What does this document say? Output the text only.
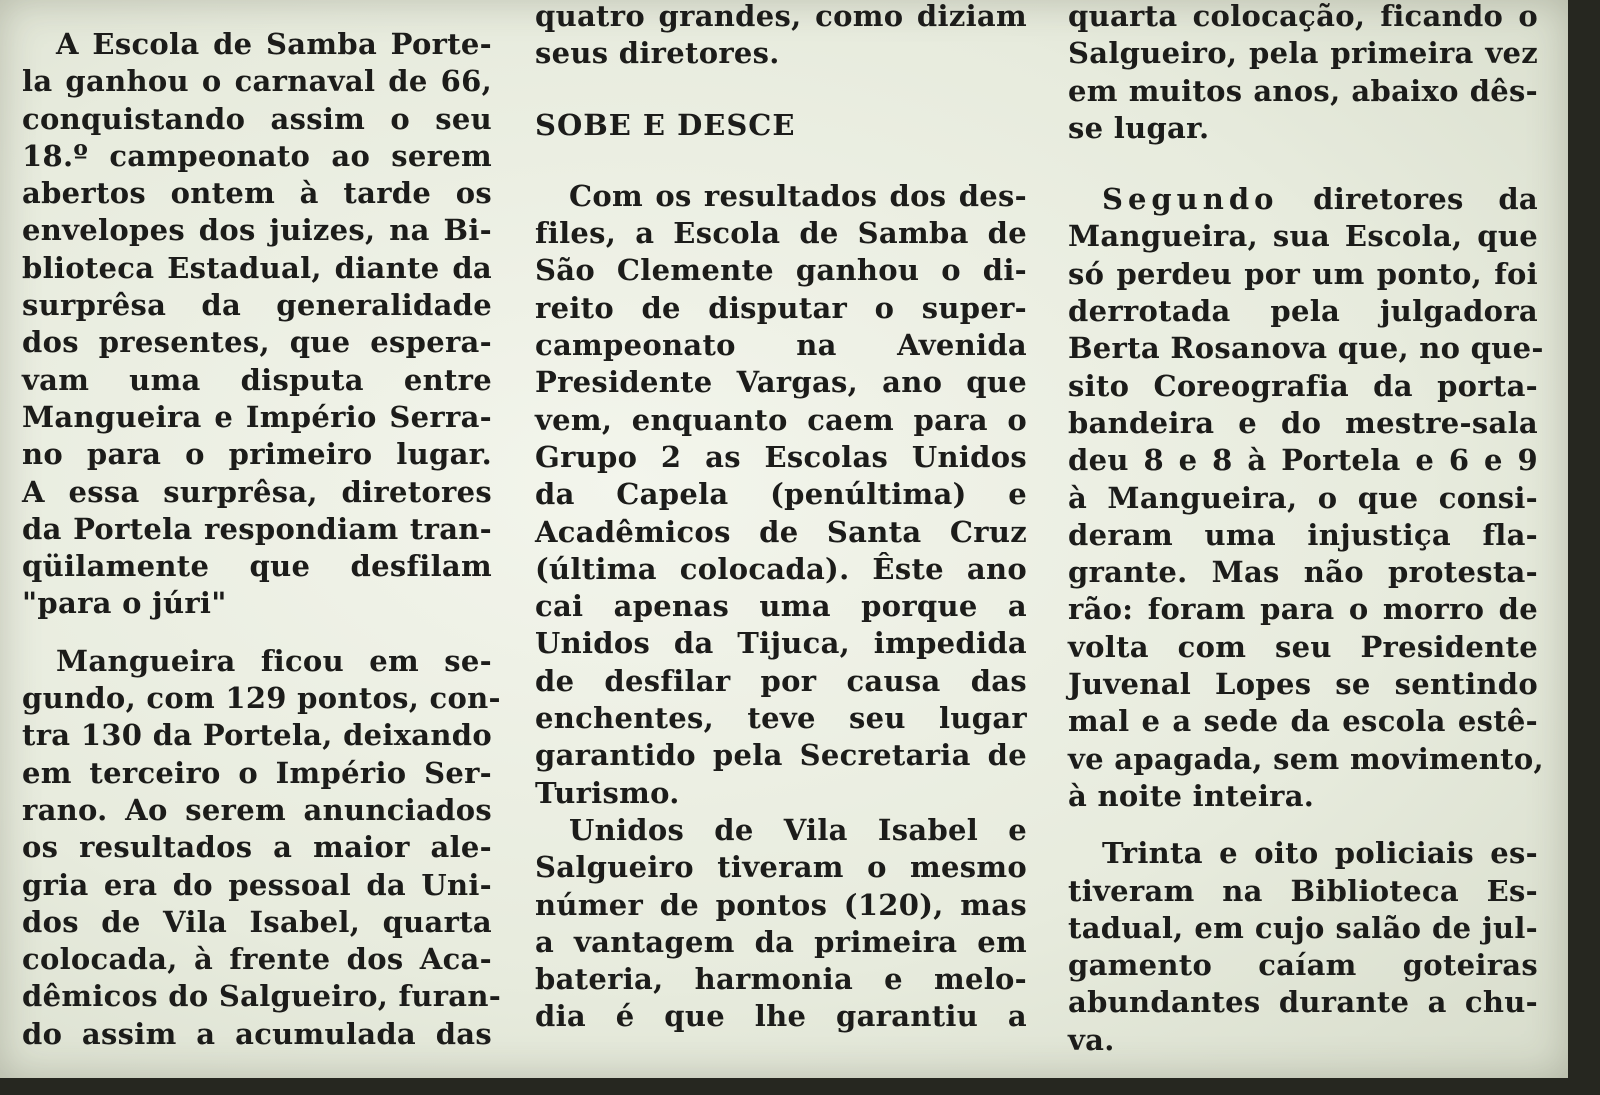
A Escola de Samba Porte-
la ganhou o carnaval de 66,
conquistando assim o seu
18.º campeonato ao serem
abertos ontem à tarde os
envelopes dos juizes, na Bi-
blioteca Estadual, diante da
surprêsa da generalidade
dos presentes, que espera-
vam uma disputa entre
Mangueira e Império Serra-
no para o primeiro lugar.
A essa surprêsa, diretores
da Portela respondiam tran-
qüilamente que desfilam
"para o júri"

Mangueira ficou em se-
gundo, com 129 pontos, con-
tra 130 da Portela, deixando
em terceiro o Império Ser-
rano. Ao serem anunciados
os resultados a maior ale-
gria era do pessoal da Uni-
dos de Vila Isabel, quarta
colocada, à frente dos Aca-
dêmicos do Salgueiro, furan-
do assim a acumulada das

quatro grandes, como diziam
seus diretores.

SOBE E DESCE

Com os resultados dos des-
files, a Escola de Samba de
São Clemente ganhou o di-
reito de disputar o super-
campeonato na Avenida
Presidente Vargas, ano que
vem, enquanto caem para o
Grupo 2 as Escolas Unidos
da Capela (penúltima) e
Acadêmicos de Santa Cruz
(última colocada). Êste ano
cai apenas uma porque a
Unidos da Tijuca, impedida
de desfilar por causa das
enchentes, teve seu lugar
garantido pela Secretaria de
Turismo.

Unidos de Vila Isabel e
Salgueiro tiveram o mesmo
númer de pontos (120), mas
a vantagem da primeira em
bateria, harmonia e melo-
dia é que lhe garantiu a

quarta colocação, ficando o
Salgueiro, pela primeira vez
em muitos anos, abaixo dês-
se lugar.

Segundo diretores da
Mangueira, sua Escola, que
só perdeu por um ponto, foi
derrotada pela julgadora
Berta Rosanova que, no que-
sito Coreografia da porta-
bandeira e do mestre-sala
deu 8 e 8 à Portela e 6 e 9
à Mangueira, o que consi-
deram uma injustiça fla-
grante. Mas não protesta-
rão: foram para o morro de
volta com seu Presidente
Juvenal Lopes se sentindo
mal e a sede da escola estê-
ve apagada, sem movimento,
à noite inteira.

Trinta e oito policiais es-
tiveram na Biblioteca Es-
tadual, em cujo salão de jul-
gamento caíam goteiras
abundantes durante a chu-
va.
